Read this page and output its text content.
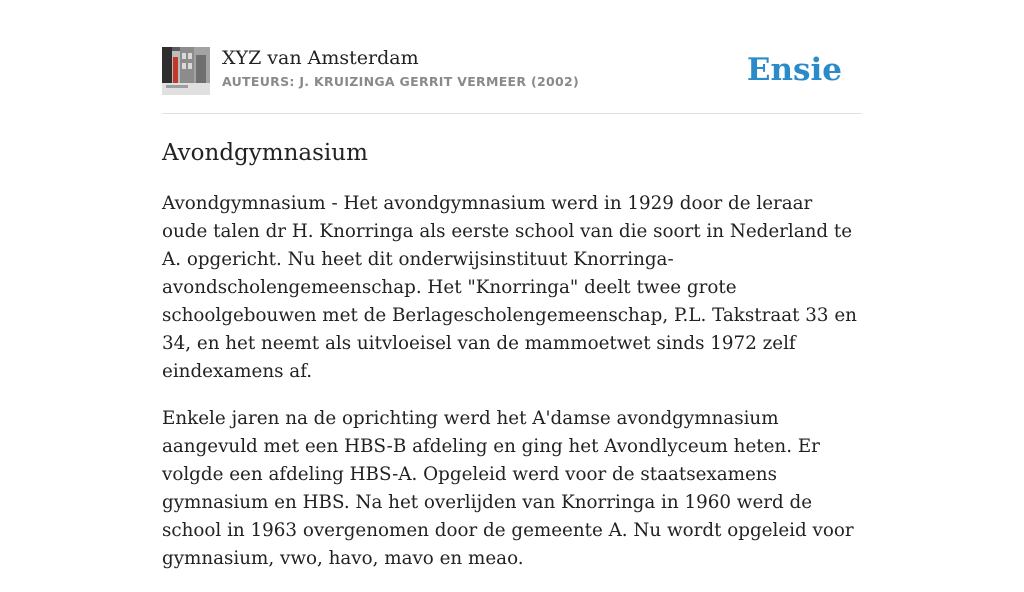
XYZ van Amsterdam
AUTEURS: J. KRUIZINGA GERRIT VERMEER (2002)	Ensie
Avondgymnasium

Avondgymnasium - Het avondgymnasium werd in 1929 door de leraar oude talen dr H. Knorringa als eerste school van die soort in Nederland te A. opgericht. Nu heet dit onderwijsinstituut Knorringa-avondscholengemeenschap. Het "Knorringa" deelt twee grote schoolgebouwen met de Berlagescholengemeenschap, P.L. Takstraat 33 en 34, en het neemt als uitvloeisel van de mammoetwet sinds 1972 zelf eindexamens af.

Enkele jaren na de oprichting werd het A'damse avondgymnasium aangevuld met een HBS-B afdeling en ging het Avondlyceum heten. Er volgde een afdeling HBS-A. Opgeleid werd voor de staatsexamens gymnasium en HBS. Na het overlijden van Knorringa in 1960 werd de school in 1963 overgenomen door de gemeente A. Nu wordt opgeleid voor gymnasium, vwo, havo, mavo en meao.
